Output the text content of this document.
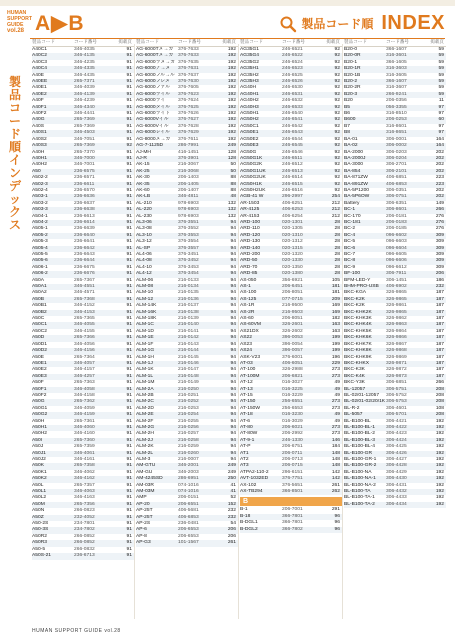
HUMAN
SUPPORT
GUIDE
vol.28 A▶B	製品コード順 INDEX
製
品
コ
ー
ド
順
イ
ン
デ
ッ
ク
ス
製品コード	コード番号	掲載頁
A40C1	346-4035	91
A40C2	346-4135	91
A40C3	346-4235	91
A40C4	346-4335	91
A40E	346-4435	91
A40EE	265-7371	91
A40E1	346-4039	91
A40E2	346-4139	91
A40F	346-4239	91
A40F1	346-4340	91
A40F2	346-4441	91
A40G	265-7369	91
A40S	265-7369	91
A40S1	346-4503	91
A40S2	346-7051	91
A40S3	265-7369	92
A40H	265-7370	91
A40H1	346-7000	91
A40H2	346-7001	91
A50	236-6575	91
A502-2	236-6571	91
A502-3	236-6611	91
A502-4	236-6570	91
A503-1	236-6636	91
A503-2	236-6637	91
A503-3	236-6638	91
A504-1	236-6613	91
A504-2	236-6614	91
A505-1	236-6639	91
A505-2	236-6640	91
A505-3	236-6641	91
A505-4	236-6642	91
A505-5	236-6643	91
A505-6	236-6644	91
A506-1	236-6675	91
A506-2	236-6676	91
A50A	265-7367	91
A50A1	346-4551	91
A50A2	346-4571	91
A50B	265-7368	91
A50B1	346-4152	91
A50B2	346-4153	91
A50C	265-7365	91
A50C1	346-4055	91
A50C2	346-4155	91
A50D	265-7366	91
A50D1	346-4056	91
A50D2	346-4156	91
A50E	265-7364	91
A50E1	346-4057	91
A50E2	346-4157	91
A50E3	346-4257	91
A50F	265-7363	91
A50F1	346-4058	91
A50F2	346-4158	91
A50G	265-7362	91
A50G1	346-4059	91
A50G2	346-4159	91
A50H	265-7361	91
A50H1	346-4060	91
A50H2	346-4160	91
A50I	265-7360	91
A50J	265-7359	91
A50J1	346-4061	91
A50J2	346-4161	91
A50K	265-7358	91
A50K1	346-4062	91
A50K2	346-4162	91
A50L	265-7357	91
A50L1	346-4063	91
A50L2	346-4163	91
A50M	265-7356	91
A50N	266-0823	91
A50Z	232-4052	91
A50-2S	234-7801	91
A50-3S	234-7802	91
A50R2	266-0852	91
A50R3	266-0852	91
A50-5	266-0832	91
A50S-21	236-6713	91
製品コード	コード番号	掲載頁
AG-6000Tメ→カ 376-7633	192
AG-6000Tメ→カ 376-7633	192
AG-6000ラメ→カ 376-7635	192
AG-6000ア→メ	376-7631	192
AG-6000フル→ル 376-7637	192
AG-6000フレメ	376-7630	192
AG-6000ファル	376-7605	192
AG-6000ライル	376-7623	192
AG-6000ライ	376-7624	192
AG-6000タイル	376-7625	192
AG-6000ライト	376-7626	192
AG-6000Vイル	376-7627	192
AG-6000Vイル	376-7628	192
AG-6000レイル	376-7629	192
AG-8000メ→カ	376-7611	192
AG-7-1125D	286-7991	249
AJ-MH	416-1451	128
AJ-R	376-3901	128
AK-15	216-3067	50
AK-25	216-3068	50
AK-30	206-1403	88
AK-35	206-1405	88
AK-60	206-1407	88
AK-LB	346-4811	48
AL-210	978-6903	132
AL-220	978-6903	132
AL-230	978-6903	132
AL3-06	376-3551	94
AL3-08	376-3552	94
AL3-10	376-3553	94
AL3-12	376-3554	94
AL-SP	376-3557	94
AL4-06	376-3451	94
AL4-08	376-3452	94
AL4-10	376-3453	94
AL4-12	376-3454	94
ALM-06	216-0133	94
ALM-08	216-0134	94
ALM-10	216-0135	94
ALM-12	216-0136	94
ALM-14K	216-0137	94
ALM-16K	216-0138	94
ALM-18K	216-0139	94
ALM-1C	216-0140	94
ALM-1D	216-0141	94
ALM-1E	216-0142	94
ALM-1F	216-0143	94
ALM-1G	216-0144	94
ALM-1H	216-0145	94
ALM-1J	216-0146	94
ALM-1K	216-0147	94
ALM-1L	216-0148	94
ALM-1M	216-0149	94
ALM-2A	216-0250	94
ALM-2B	216-0251	94
ALM-2C	216-0252	94
ALM-2D	216-0253	94
ALM-2E	216-0254	94
ALM-2F	216-0255	94
ALM-2G	216-0256	94
ALM-2H	216-0257	94
ALM-2J	216-0258	94
ALM-2K	216-0259	94
ALM-2L	216-0260	94
ALM-3	216-0007	94
AM-GTU	346-2001	249
AM-GU	346-2003	249
AM-4245SD	286-6951	250
AM-03R	074-1016	41
AM-03M	074-1016	41
AMP	206-0151	52
AP-20	206-6551	152
AP-25T	406-5681	232
AP-25T	406-6853	232
AP-2S	236-0481	54
AP-6	206-6553	206
AP-8	206-6553	206
AP-G3	101-1567	261
製品コード	コード番号	掲載頁
AG35G1	246-6521	92
AG35G4	246-6522	92
AG35G2	246-6524	92
AG35H1	246-6523	92
AG35H2	246-6525	92
AG35H3	246-6526	92
AG40H	246-6530	92
AG40H1	246-6531	92
AG40H2	246-6532	92
AG40H3	246-6533	92
AG50H1	246-6540	92
AG50H2	246-6541	92
AG50C1	246-6542	92
AG50E1	246-6543	92
AG50E2	246-6544	92
AG50E3	246-6545	92
AG50G	246-6546	92
AG50G1K	246-6511	92
AG50G2K	246-6512	92
AG50G1UK	246-6513	92
AG50G2UK	246-6514	92
AG50H1K	246-6515	92
AG50H2UK	246-6516	92
AGB-41 W	296-2997	254
AR-1503	406-6251	212
AR-4125	406-6253	212
AR-4153	406-6254	212
ARD-100	020-1301	28
ARD-110	020-1305	28
ARD-120	020-1310	28
ARD-130	020-1312	28
ARD-140	020-1315	28
ARD-200	020-1320	28
ARD-50	020-1330	28
ARD-70	020-1350	28
ARD-85	020-1380	28
AS-050	356-6921	105
AS-1	206-6451	181
AS-100	206-8051	181
AS-125	077-0715	209
AS-1R	216-9500	169
AS-2R	216-9503	169
AS-60	206-8051	182
AS-60VM	326-2601	163
AS21DX	326-2602	163
AS22	396-0053	199
AS23	396-0054	199
AS24	396-0057	199
ASK-V23	376-6001	196
AT-03	406-6051	229
AT-100	326-2988	273
AT-100M	206-6821	273
AT-12	016-3027	49
AT-13	016-3225	49
AT-15	016-3229	49
AT-150	256-6551	273
AT-150W	256-6553	273
AT-18	016-3230	49
AT-6	016-3029	49
AT-80	206-6021	273
AT-80W	206-2992	273
AT-9-1	246-1330	146
AT-P	206-6751	184
AT1	206-0711	148
AT2	206-0713	148
AT3	206-0715	148
ATPA2-110-2	296-6151	142
AVT-1032ED	376-7751	142
AX-102	376-5651	261
AX-TB294	366-8501	262
B
B-1	206-7001	291
B-18	366-7801	96
B-DGL1	366-7801	96
B-DGL2	366-7802	96
製品コード	コード番号	掲載頁
B20-0	366-1607	59
B20-0R	316-3601	59
B20-1	366-1605	59
B20-1R	316-3603	59
B20-1B	316-3605	59
B20-2	366-1607	59
B20-2R	316-3607	59
B20-3	266-9241	59
B20	206-0356	11
B5	056-3355	97
B6	316-8510	97
B600	206-0253	60
B7	316-8601	97
B8	316-8651	97
BA-01	306-0001	164
BA-02	306-0002	164
BA-2000	306-0203	202
BA-2000J	306-0204	202
BA-3000	306-2701	202
BA-854	306-2101	202
BA-871ZW	406-6851	223
BA-891ZW	406-6853	223
BA-5P1200	306-0351	202
BA-5P6OW	306-0751	202
Battery	306-6351	149
BC-1	306-8601	266
BC-170	206-0181	276
BC-181	206-0183	276
BC-2	206-0185	276
BC-4	096-6602	309
BC-5	096-6603	309
BC-6	096-6604	309
BC-7	096-6605	309
BC-8	096-6606	309
BC-9	096-6612	309
BF-100	306-7911	206
BFM-LED-Y	306-1451	186
BHM-PRO-USB	406-6902	232
BKC-KGA	326-9865	187
BKC-K2K	326-9865	187
BKC-K2K	326-9861	187
BKC-KHK2K	326-9865	187
BKC-KHK3K	326-9862	187
BKC-KHK4K	326-9863	187
BKC-KHK5K	326-9864	187
BKC-KHK6K	326-9866	187
BKC-KHK7K	326-9867	187
BKC-KHK8K	326-9868	187
BKC-KHK9K	326-9869	187
BKC-KHKX	326-9871	187
BKC-K3K	326-9872	187
BKC-K4K	326-9873	187
BKC-Y3K	306-6851	266
BL-12057	306-5751	208
BL-02/01-12057	306-5752	208
BL-02/01-02/20/1K 306-5753	208
BL-R-2	306-4601	108
BL-5057	306-5701	208
BL-B100-BL	306-4421	192
BL-B100-BL-1	306-4422	192
BL-B100-BL-2	306-4423	192
BL-B100-BL-3	306-4424	192
BL-B100-BL-4	306-4425	192
BL-B100-GR	306-4426	192
BL-B100-GR-1	306-4427	192
BL-B100-GR-2	306-4428	192
BL-B100-NA	306-4429	192
BL-B100-NA-1	306-4430	192
BL-B100-NA-2	306-4431	192
BL-B100-TA	306-4432	192
BL-B100-TA-1	306-4433	192
BL-B100-TA-2	306-4434	192
HUMAN SUPPORT GUIDE vol.28
